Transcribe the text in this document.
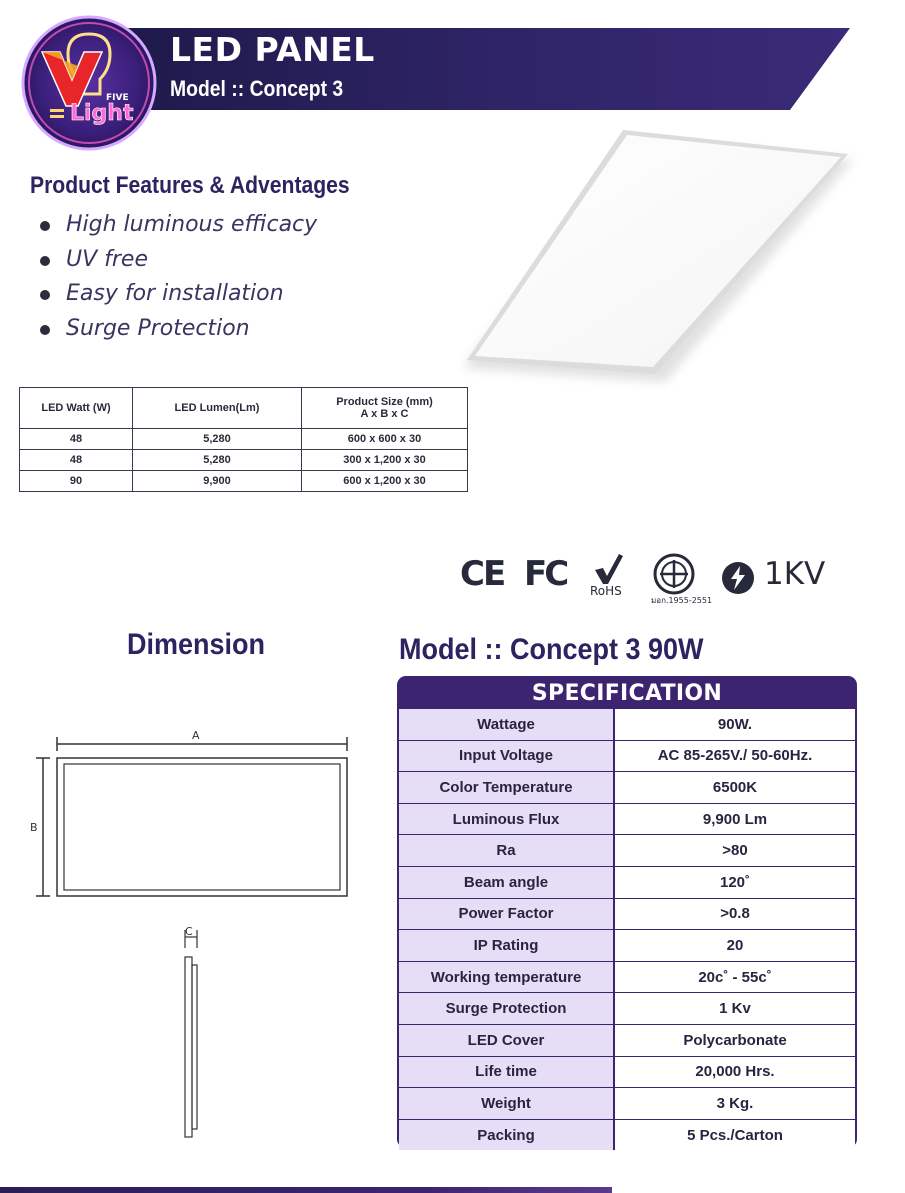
LED PANEL
Model :: Concept 3
FIVE
Light
Product Features & Adventages
High luminous efficacy
UV free
Easy for installation
Surge Protection
LED Watt (W)	LED Lumen(Lm)	Product Size (mm)
A x B x C

48	5,280	600 x 600 x 30
48	5,280	300 x 1,200 x 30
90	9,900	600 x 1,200 x 30
CE FC RoHS
มอก.1955-2551
1KV
Dimension
A
B
C
Model :: Concept 3 90W
SPECIFICATION
Wattage	90W.
Input Voltage	AC 85-265V./ 50-60Hz.
Color Temperature	6500K
Luminous Flux	9,900 Lm
Ra	>80
Beam angle	120˚
Power Factor	>0.8
IP Rating	20
Working temperature	20c˚ - 55c˚
Surge Protection	1 Kv
LED Cover	Polycarbonate
Life time	20,000 Hrs.
Weight	3 Kg.
Packing	5 Pcs./Carton
